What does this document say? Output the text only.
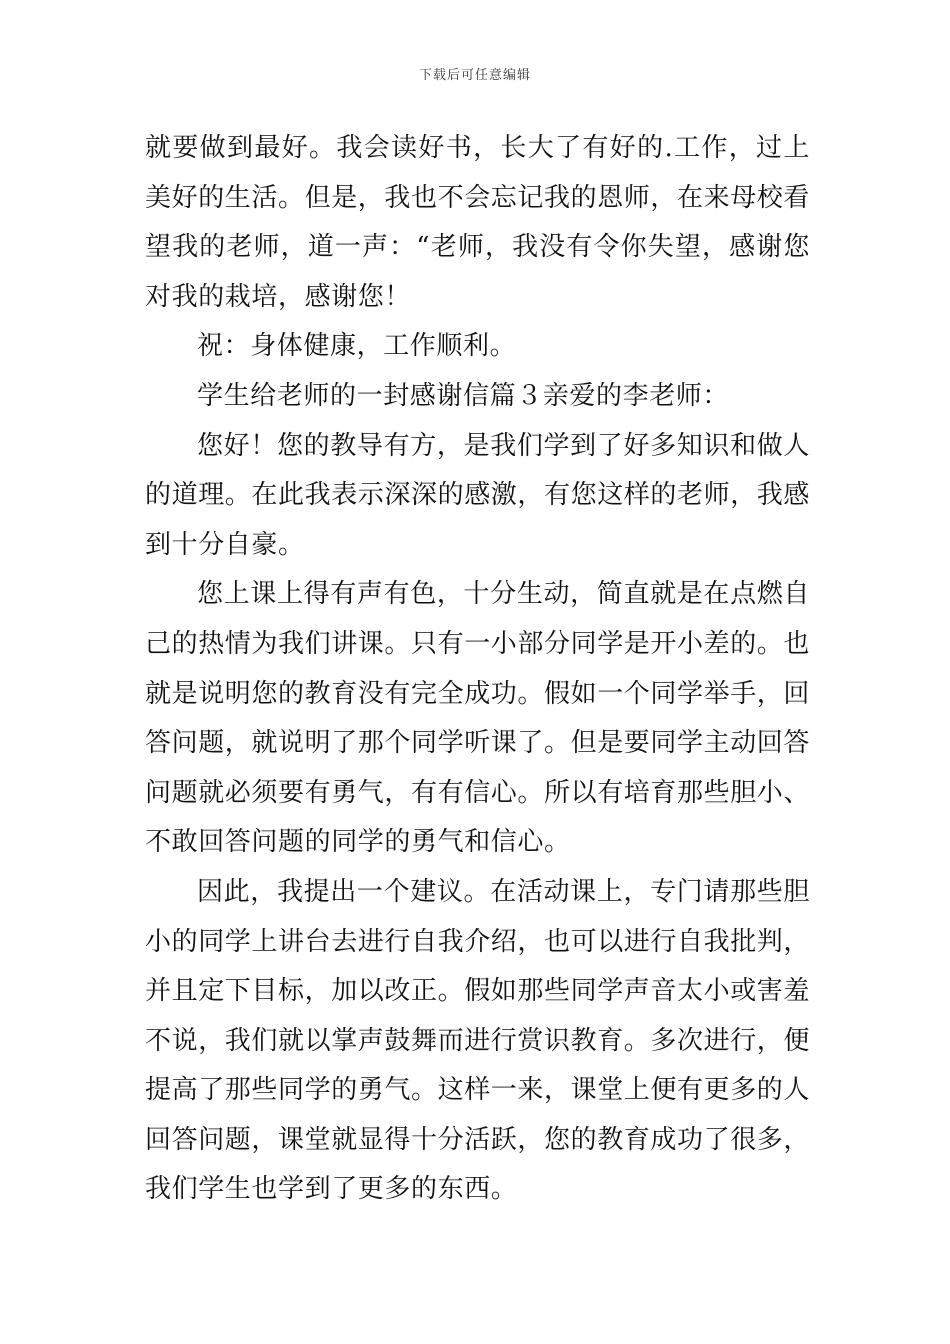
下载后可任意编辑

就要做到最好。我会读好书，长大了有好的.工作，过上美好的生活。但是，我也不会忘记我的恩师，在来母校看望我的老师，道一声：“老师，我没有令你失望，感谢您对我的栽培，感谢您！

祝：身体健康，工作顺利。

学生给老师的一封感谢信篇３亲爱的李老师：

您好！您的教导有方，是我们学到了好多知识和做人的道理。在此我表示深深的感激，有您这样的老师，我感到十分自豪。

您上课上得有声有色，十分生动，简直就是在点燃自己的热情为我们讲课。只有一小部分同学是开小差的。也就是说明您的教育没有完全成功。假如一个同学举手，回答问题，就说明了那个同学听课了。但是要同学主动回答问题就必须要有勇气，有有信心。所以有培育那些胆小、不敢回答问题的同学的勇气和信心。

因此，我提出一个建议。在活动课上，专门请那些胆小的同学上讲台去进行自我介绍，也可以进行自我批判，并且定下目标，加以改正。假如那些同学声音太小或害羞不说，我们就以掌声鼓舞而进行赏识教育。多次进行，便提高了那些同学的勇气。这样一来，课堂上便有更多的人回答问题，课堂就显得十分活跃，您的教育成功了很多，我们学生也学到了更多的东西。
